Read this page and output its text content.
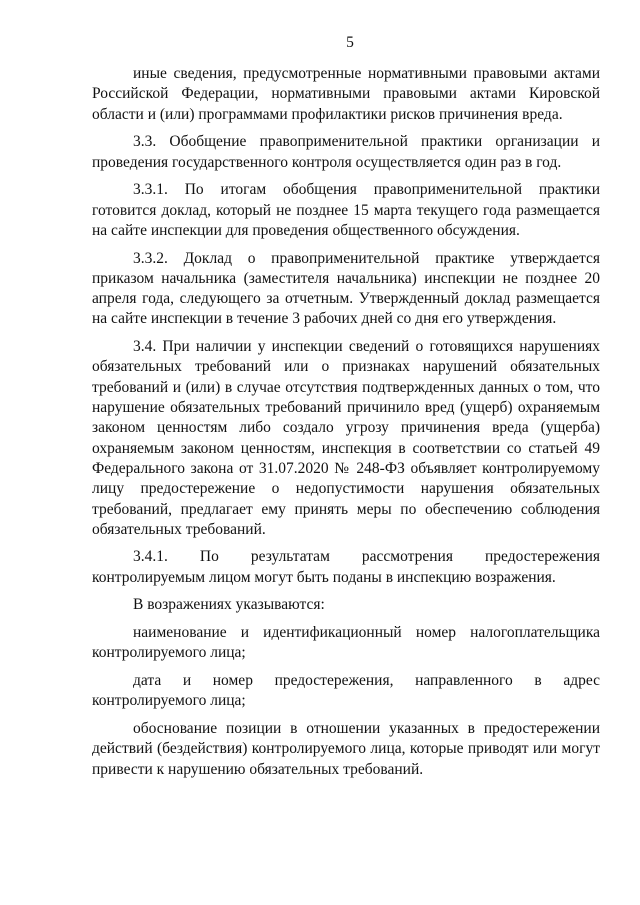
5

иные сведения, предусмотренные нормативными правовыми актами Российской Федерации, нормативными правовыми актами Кировской области и (или) программами профилактики рисков причинения вреда.

3.3. Обобщение правоприменительной практики организации и проведения государственного контроля осуществляется один раз в год.

3.3.1. По итогам обобщения правоприменительной практики готовится доклад, который не позднее 15 марта текущего года размещается на сайте инспекции для проведения общественного обсуждения.

3.3.2. Доклад о правоприменительной практике утверждается приказом начальника (заместителя начальника) инспекции не позднее 20 апреля года, следующего за отчетным. Утвержденный доклад размещается на сайте инспекции в течение 3 рабочих дней со дня его утверждения.

3.4. При наличии у инспекции сведений о готовящихся нарушениях обязательных требований или о признаках нарушений обязательных требований и (или) в случае отсутствия подтвержденных данных о том, что нарушение обязательных требований причинило вред (ущерб) охраняемым законом ценностям либо создало угрозу причинения вреда (ущерба) охраняемым законом ценностям, инспекция в соответствии со статьей 49 Федерального закона от 31.07.2020 № 248-ФЗ объявляет контролируемому лицу предостережение о недопустимости нарушения обязательных требований, предлагает ему принять меры по обеспечению соблюдения обязательных требований.

3.4.1. По результатам рассмотрения предостережения контролируемым лицом могут быть поданы в инспекцию возражения.

В возражениях указываются:

наименование и идентификационный номер налогоплательщика контролируемого лица;

дата и номер предостережения, направленного в адрес контролируемого лица;

обоснование позиции в отношении указанных в предостережении действий (бездействия) контролируемого лица, которые приводят или могут привести к нарушению обязательных требований.
